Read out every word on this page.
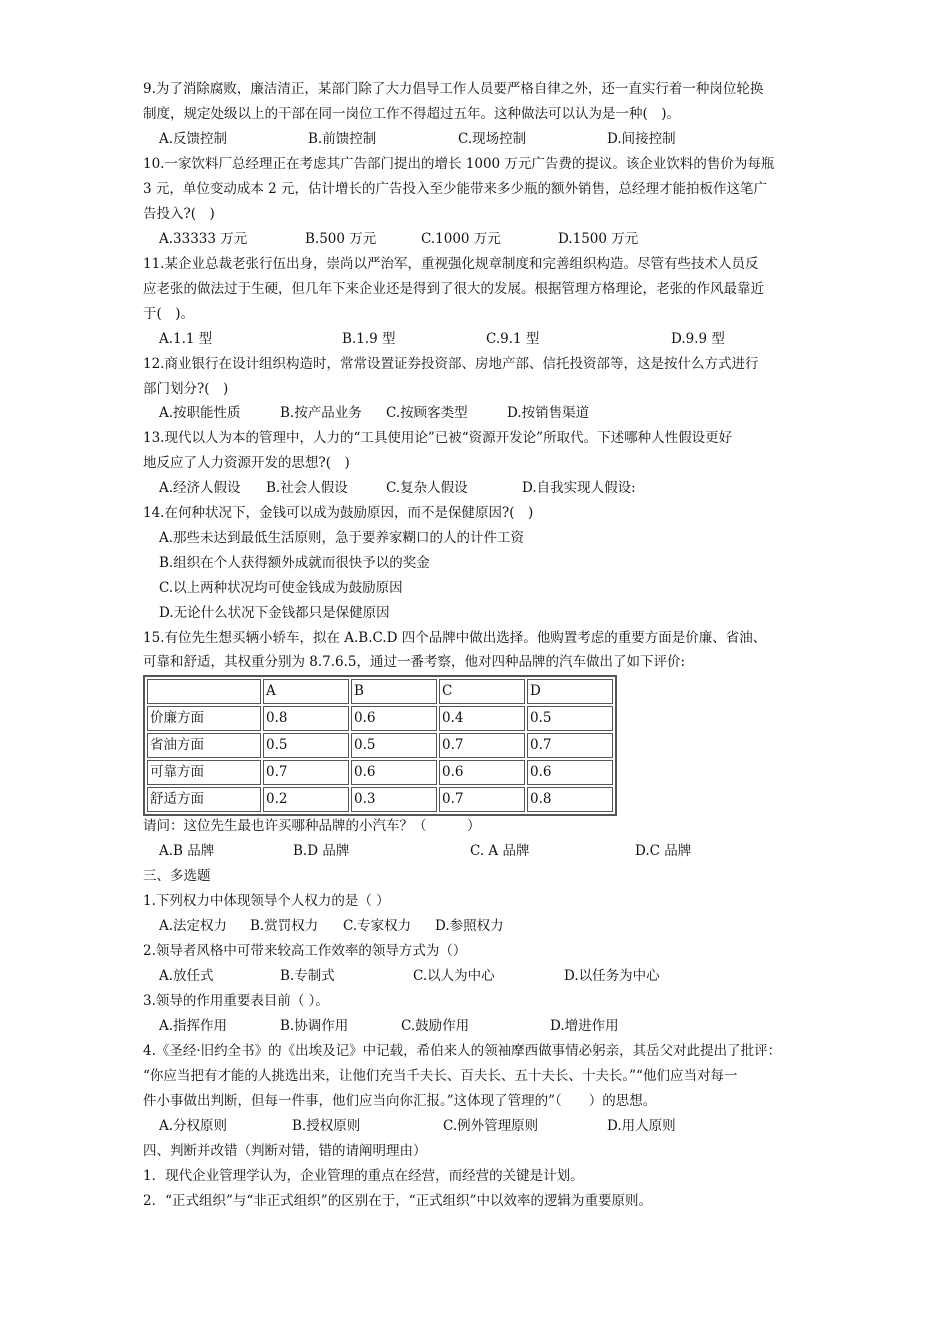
9.为了消除腐败，廉洁清正，某部门除了大力倡导工作人员要严格自律之外，还一直实行着一种岗位轮换
制度，规定处级以上的干部在同一岗位工作不得超过五年。这种做法可以认为是一种(　)。
A.反馈控制	B.前馈控制	C.现场控制	D.间接控制
10.一家饮料厂总经理正在考虑其广告部门提出的增长 1000 万元广告费的提议。该企业饮料的售价为每瓶
3 元，单位变动成本 2 元，估计增长的广告投入至少能带来多少瓶的额外销售，总经理才能拍板作这笔广
告投入?(　)
A.33333 万元	B.500 万元	C.1000 万元	D.1500 万元
11.某企业总裁老张行伍出身，崇尚以严治军，重视强化规章制度和完善组织构造。尽管有些技术人员反
应老张的做法过于生硬，但几年下来企业还是得到了很大的发展。根据管理方格理论，老张的作风最靠近
于(　)。
A.1.1 型	B.1.9 型	C.9.1 型	D.9.9 型
12.商业银行在设计组织构造时，常常设置证券投资部、房地产部、信托投资部等，这是按什么方式进行
部门划分?(　)
A.按职能性质	B.按产品业务 C.按顾客类型	D.按销售渠道
13.现代以人为本的管理中，人力的“工具使用论”已被“资源开发论”所取代。下述哪种人性假设更好
地反应了人力资源开发的思想?(　)
A.经济人假设 B.社会人假设	C.复杂人假设	D.自我实现人假设:
14.在何种状况下，金钱可以成为鼓励原因，而不是保健原因?(　)
A.那些未达到最低生活原则，急于要养家糊口的人的计件工资
B.组织在个人获得额外成就而很快予以的奖金
C.以上两种状况均可使金钱成为鼓励原因
D.无论什么状况下金钱都只是保健原因
15.有位先生想买辆小轿车，拟在 A.B.C.D 四个品牌中做出选择。他购置考虑的重要方面是价廉、省油、
可靠和舒适，其权重分别为 8.7.6.5，通过一番考察，他对四种品牌的汽车做出了如下评价:
	A	B	C	D
价廉方面	0.8	0.6	0.4	0.5
省油方面	0.5	0.5	0.7	0.7
可靠方面	0.7	0.6	0.6	0.6
舒适方面	0.2	0.3	0.7	0.8
请问：这位先生最也许买哪种品牌的小汽车？（　　　）
A.B 品牌	B.D 品牌	C. A 品牌	D.C 品牌
三、多选题
1.下列权力中体现领导个人权力的是（ ）
A.法定权力 B.赏罚权力 C.专家权力 D.参照权力
2.领导者风格中可带来较高工作效率的领导方式为（）
A.放任式	B.专制式	C.以人为中心	D.以任务为中心
3.领导的作用重要表目前（ ）。
A.指挥作用	B.协调作用	C.鼓励作用	D.增进作用
4.《圣经·旧约全书》的《出埃及记》中记载，希伯来人的领袖摩西做事情必躬亲，其岳父对此提出了批评：
“你应当把有才能的人挑选出来，让他们充当千夫长、百夫长、五十夫长、十夫长。”“他们应当对每一
件小事做出判断，但每一件事，他们应当向你汇报。”这体现了管理的”（　　）的思想。
A.分权原则	B.授权原则	C.例外管理原则	D.用人原则
四、判断并改错（判断对错，错的请阐明理由）
1．现代企业管理学认为，企业管理的重点在经营，而经营的关键是计划。
2．“正式组织”与“非正式组织”的区别在于，“正式组织”中以效率的逻辑为重要原则。
